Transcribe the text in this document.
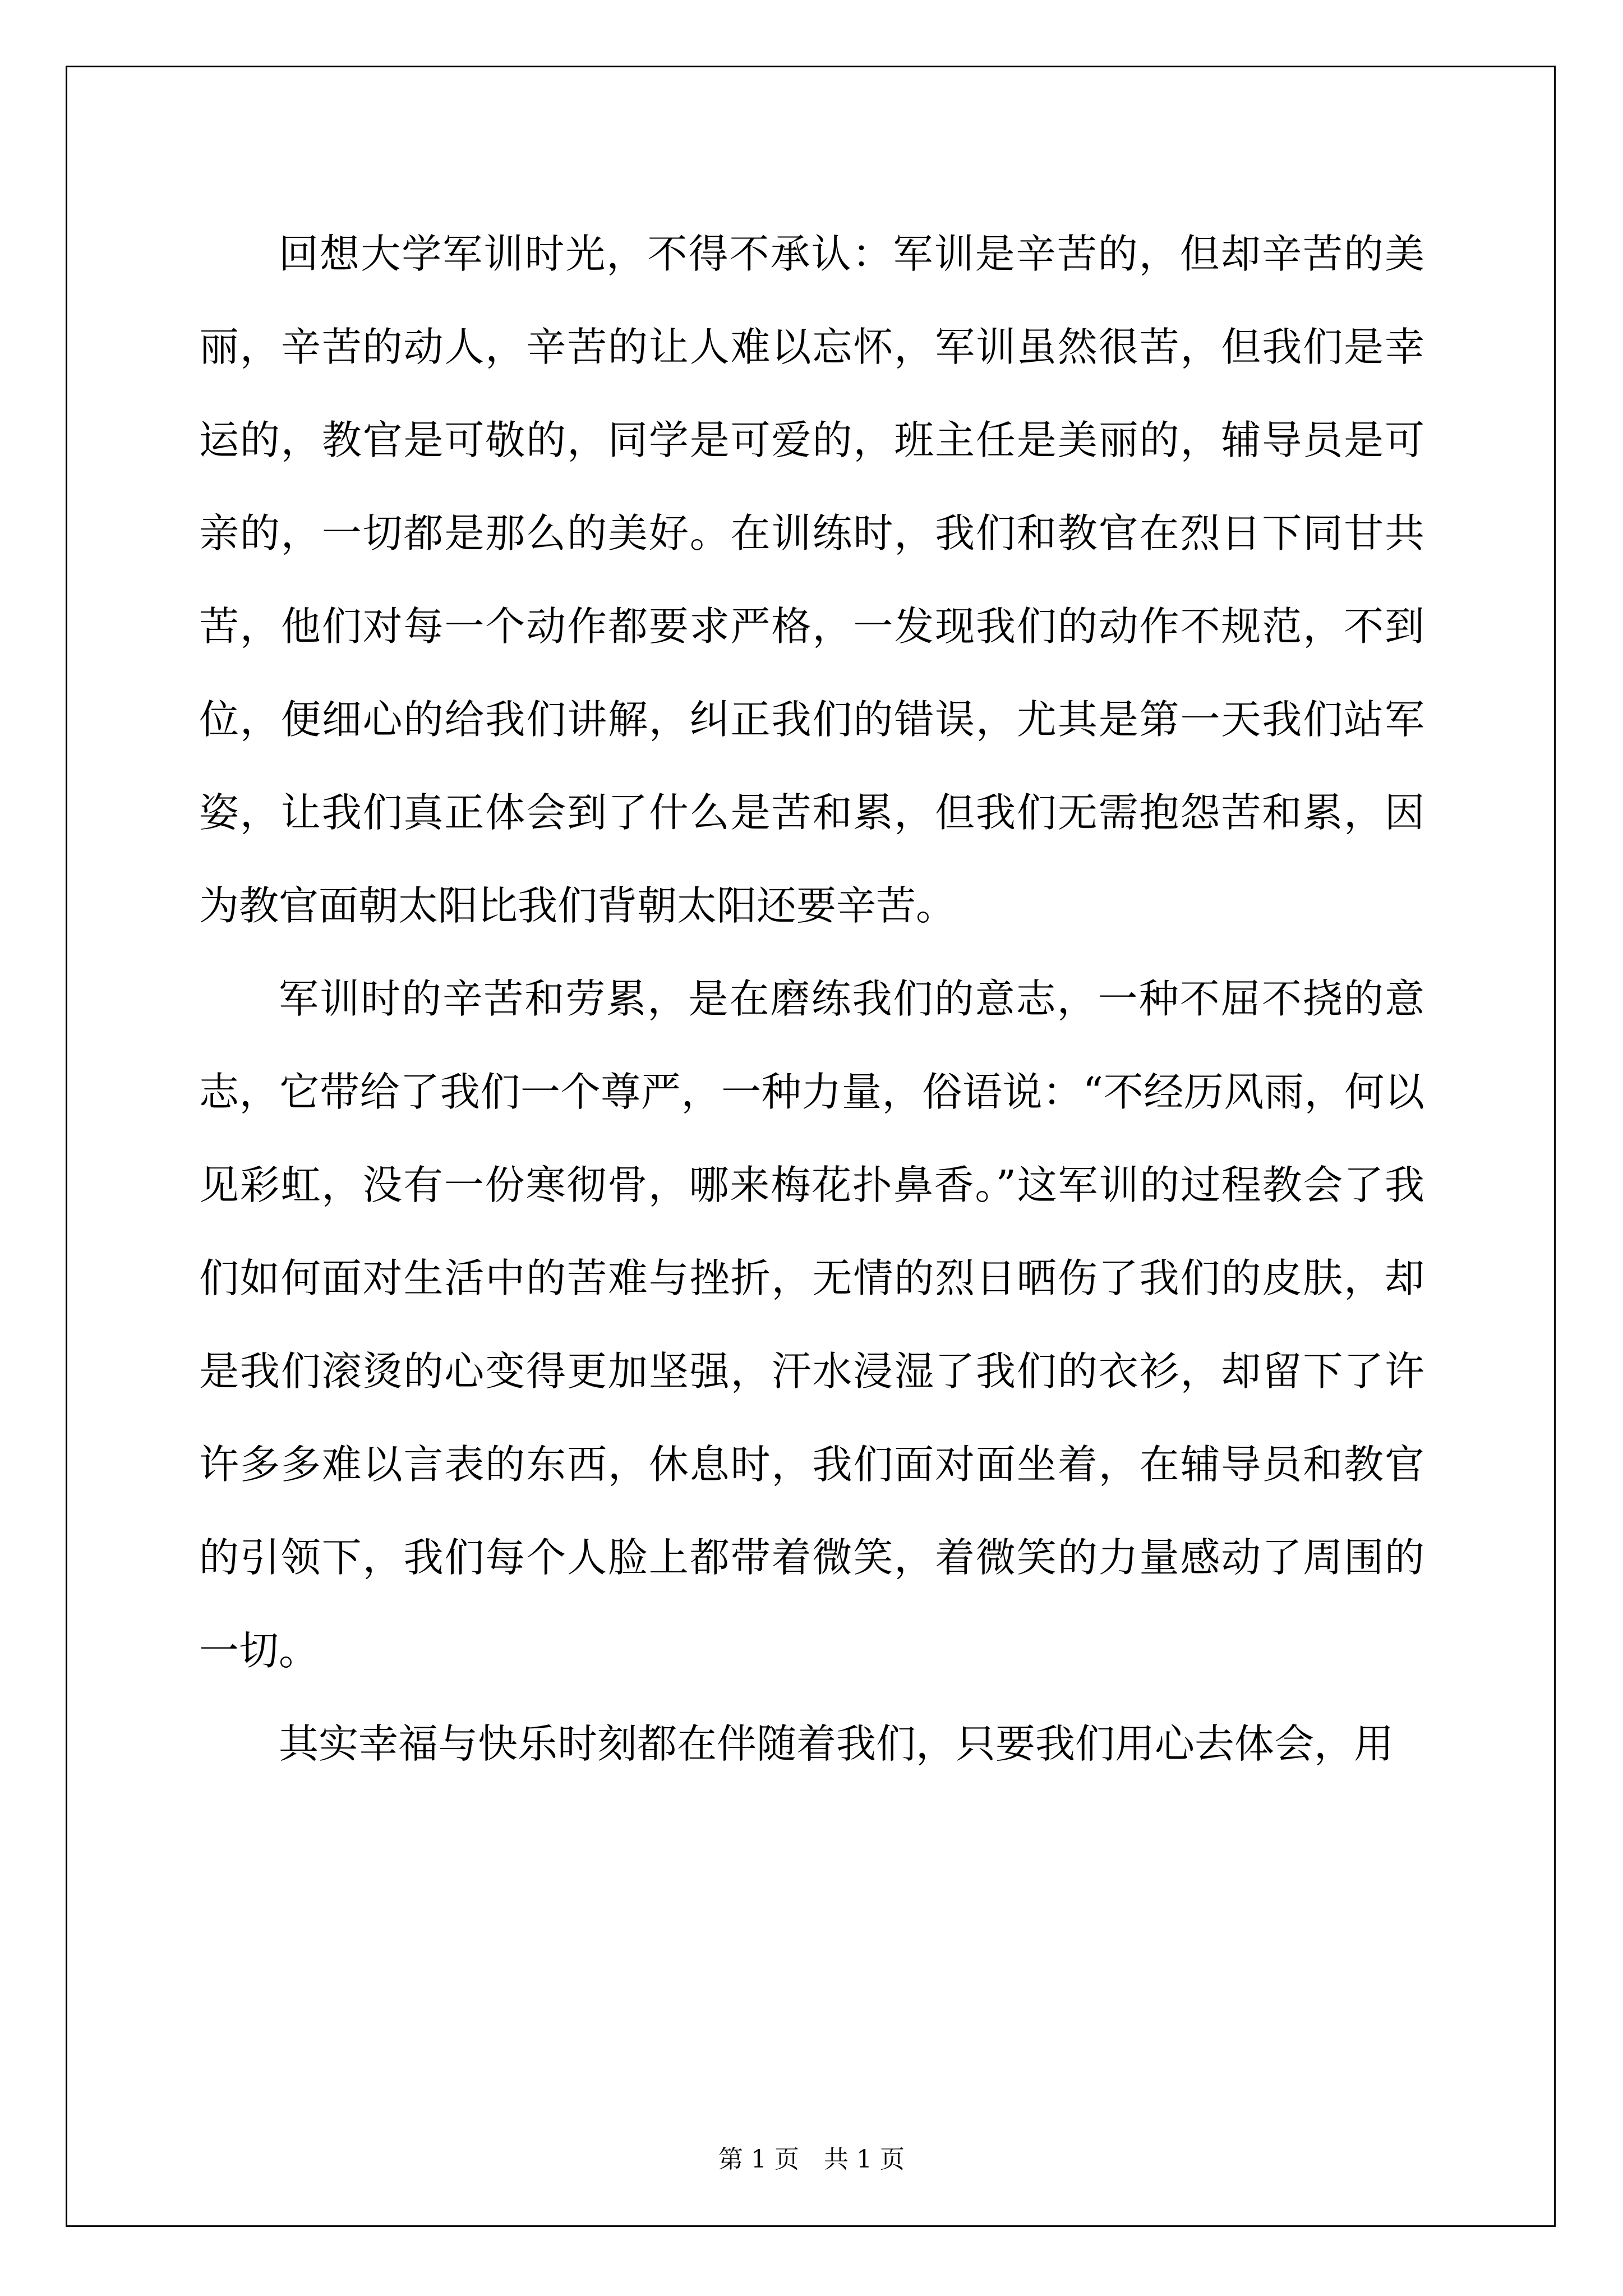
回想大学军训时光，不得不承认：军训是辛苦的，但却辛苦的美丽，辛苦的动人，辛苦的让人难以忘怀，军训虽然很苦，但我们是幸运的，教官是可敬的，同学是可爱的，班主任是美丽的，辅导员是可亲的，一切都是那么的美好。在训练时，我们和教官在烈日下同甘共苦，他们对每一个动作都要求严格，一发现我们的动作不规范，不到位，便细心的给我们讲解，纠正我们的错误，尤其是第一天我们站军姿，让我们真正体会到了什么是苦和累，但我们无需抱怨苦和累，因为教官面朝太阳比我们背朝太阳还要辛苦。

军训时的辛苦和劳累，是在磨练我们的意志，一种不屈不挠的意志，它带给了我们一个尊严，一种力量，俗语说：“不经历风雨，何以见彩虹，没有一份寒彻骨，哪来梅花扑鼻香。”这军训的过程教会了我们如何面对生活中的苦难与挫折，无情的烈日晒伤了我们的皮肤，却是我们滚烫的心变得更加坚强，汗水浸湿了我们的衣衫，却留下了许许多多难以言表的东西，休息时，我们面对面坐着，在辅导员和教官的引领下，我们每个人脸上都带着微笑，着微笑的力量感动了周围的一切。

其实幸福与快乐时刻都在伴随着我们，只要我们用心去体会，用

第 1 页　共 1 页
